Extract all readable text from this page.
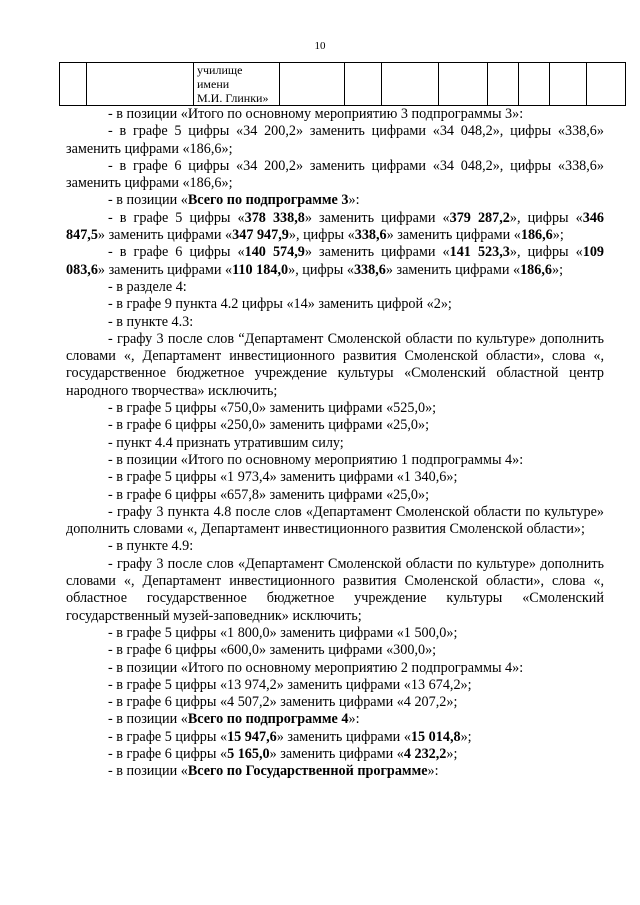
10

училище
имени
М.И. Глинки»

- в позиции «Итого по основному мероприятию 3 подпрограммы 3»:

- в графе 5 цифры «34 200,2» заменить цифрами «34 048,2», цифры «338,6» заменить цифрами «186,6»;

- в графе 6 цифры «34 200,2» заменить цифрами «34 048,2», цифры «338,6» заменить цифрами «186,6»;

- в позиции «Всего по подпрограмме 3»:

- в графе 5 цифры «378 338,8» заменить цифрами «379 287,2», цифры «346 847,5» заменить цифрами «347 947,9», цифры «338,6» заменить цифрами «186,6»;

- в графе 6 цифры «140 574,9» заменить цифрами «141 523,3», цифры «109 083,6» заменить цифрами «110 184,0», цифры «338,6» заменить цифрами «186,6»;

- в разделе 4:

- в графе 9 пункта 4.2 цифры «14» заменить цифрой «2»;

- в пункте 4.3:

- графу 3 после слов “Департамент Смоленской области по культуре» дополнить словами «, Департамент инвестиционного развития Смоленской области», слова «, государственное бюджетное учреждение культуры «Смоленский областной центр народного творчества» исключить;

- в графе 5 цифры «750,0» заменить цифрами «525,0»;

- в графе 6 цифры «250,0» заменить цифрами «25,0»;

- пункт 4.4 признать утратившим силу;

- в позиции «Итого по основному мероприятию 1 подпрограммы 4»:

- в графе 5 цифры «1 973,4» заменить цифрами «1 340,6»;

- в графе 6 цифры «657,8» заменить цифрами «25,0»;

- графу 3 пункта 4.8 после слов «Департамент Смоленской области по культуре» дополнить словами «, Департамент инвестиционного развития Смоленской области»;

- в пункте 4.9:

- графу 3 после слов «Департамент Смоленской области по культуре» дополнить словами «, Департамент инвестиционного развития Смоленской области», слова «, областное государственное бюджетное учреждение культуры «Смоленский государственный музей-заповедник» исключить;

- в графе 5 цифры «1 800,0» заменить цифрами «1 500,0»;

- в графе 6 цифры «600,0» заменить цифрами «300,0»;

- в позиции «Итого по основному мероприятию 2 подпрограммы 4»:

- в графе 5 цифры «13 974,2» заменить цифрами «13 674,2»;

- в графе 6 цифры «4 507,2» заменить цифрами «4 207,2»;

- в позиции «Всего по подпрограмме 4»:

- в графе 5 цифры «15 947,6» заменить цифрами «15 014,8»;

- в графе 6 цифры «5 165,0» заменить цифрами «4 232,2»;

- в позиции «Всего по Государственной программе»:
